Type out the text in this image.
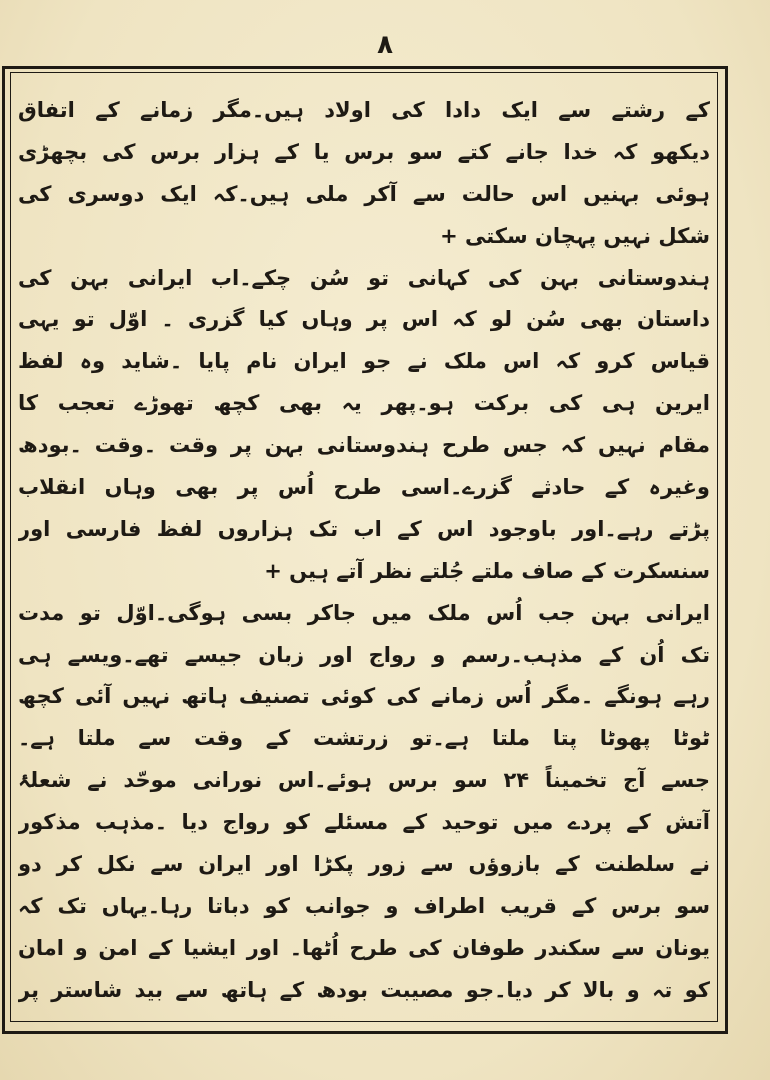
۸
کے رشتے سے ایک دادا کی اولاد ہیں۔مگر زمانے کے اتفاق
دیکھو کہ خدا جانے کتے سو برس یا کے ہزار برس کی بچھڑی
ہوئی بہنیں اس حالت سے آکر ملی ہیں۔کہ ایک دوسری کی
شکل نہیں پہچان سکتی +
ہندوستانی بہن کی کہانی تو سُن چکے۔اب ایرانی بہن کی
داستان بھی سُن لو کہ اس پر وہاں کیا گزری ۔ اوّل تو یہی
قیاس کرو کہ اس ملک نے جو ایران نام پایا ۔شاید وہ لفظ
ایرین ہی کی برکت ہو۔پھر یہ بھی کچھ تھوڑے تعجب کا
مقام نہیں کہ جس طرح ہندوستانی بہن پر وقت ۔وقت ۔بودھ
وغیرہ کے حادثے گزرے۔اسی طرح اُس پر بھی وہاں انقلاب
پڑتے رہے۔اور باوجود اس کے اب تک ہزاروں لفظ فارسی اور
سنسکرت کے صاف ملتے جُلتے نظر آتے ہیں +
ایرانی بہن جب اُس ملک میں جاکر بسی ہوگی۔اوّل تو مدت
تک اُن کے مذہب۔رسم و رواج اور زبان جیسے تھے۔ویسے ہی
رہے ہونگے ۔مگر اُس زمانے کی کوئی تصنیف ہاتھ نہیں آئی کچھ
ٹوٹا پھوٹا پتا ملتا ہے۔تو زرتشت کے وقت سے ملتا ہے۔
جسے آج تخمیناً ۲۴ سو برس ہوئے۔اس نورانی موحّد نے شعلۂ
آتش کے پردے میں توحید کے مسئلے کو رواج دیا ۔مذہب مذکور
نے سلطنت کے بازوؤں سے زور پکڑا اور ایران سے نکل کر دو
سو برس کے قریب اطراف و جوانب کو دباتا رہا۔یہاں تک کہ
یونان سے سکندر طوفان کی طرح اُٹھا۔ اور ایشیا کے امن و امان
کو تہ و بالا کر دیا۔جو مصیبت بودھ کے ہاتھ سے بید شاستر پر
